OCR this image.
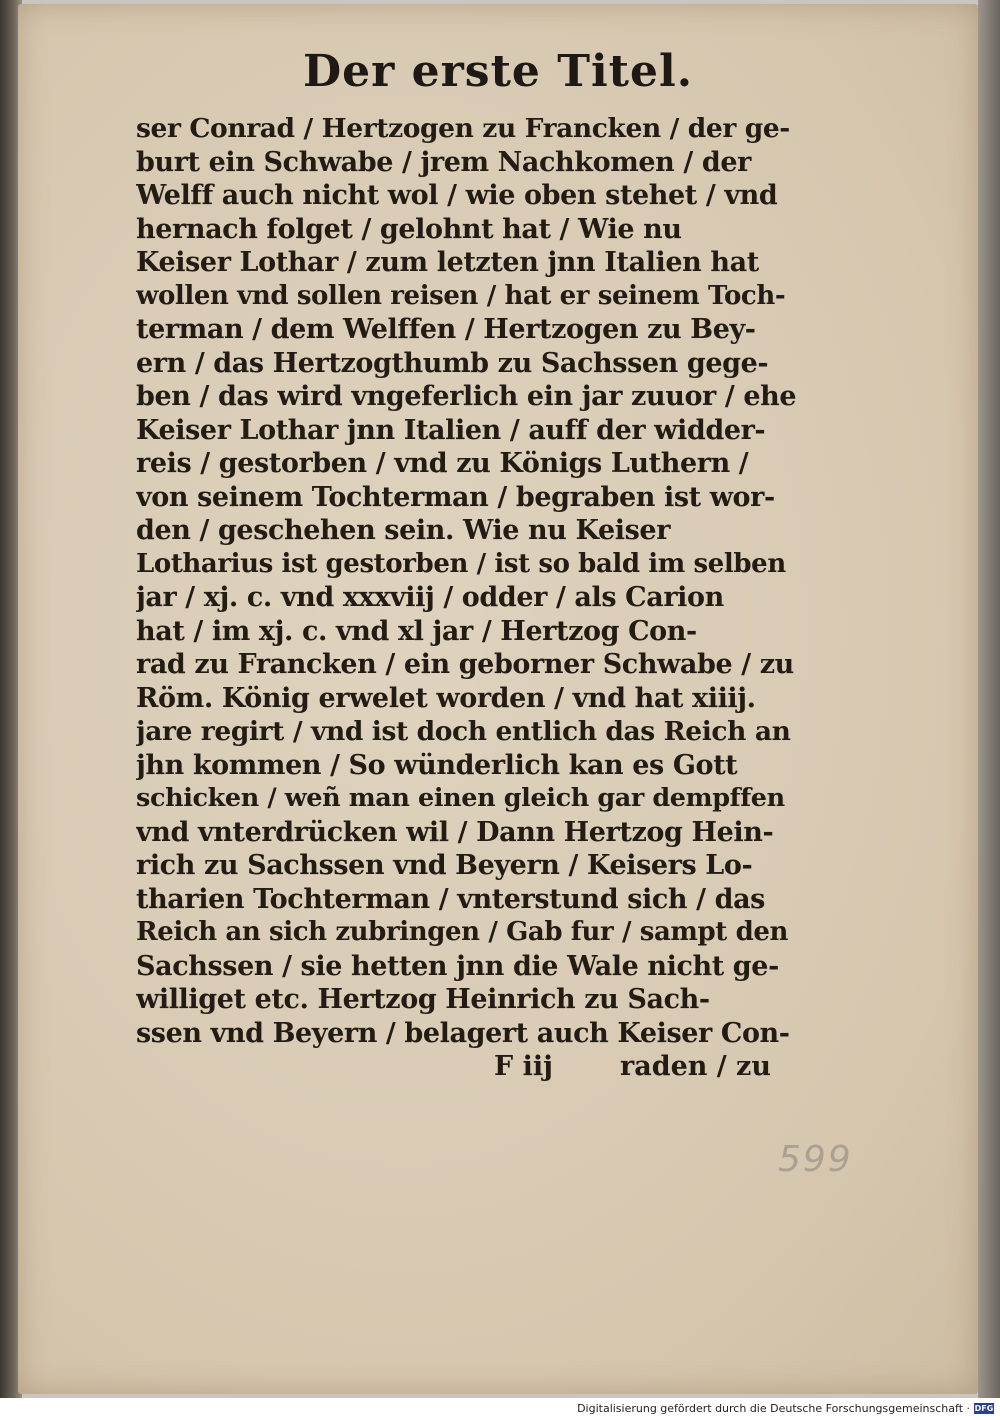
Der erste Titel.
ser Conrad / Hertzogen zu Francken / der ge-
burt ein Schwabe / jrem Nachkomen / der
Welff auch nicht wol / wie oben stehet / vnd
hernach folget / gelohnt hat / Wie nu
Keiser Lothar / zum letzten jnn Italien hat
wollen vnd sollen reisen / hat er seinem Toch-
terman / dem Welffen / Hertzogen zu Bey-
ern / das Hertzogthumb zu Sachssen gege-
ben / das wird vngeferlich ein jar zuuor / ehe
Keiser Lothar jnn Italien / auff der widder-
reis / gestorben / vnd zu Königs Luthern /
von seinem Tochterman / begraben ist wor-
den / geschehen sein. Wie nu Keiser
Lotharius ist gestorben / ist so bald im selben
jar / xj. c. vnd xxxviij / odder / als Carion
hat / im xj. c. vnd xl jar / Hertzog Con-
rad zu Francken / ein geborner Schwabe / zu
Röm. König erwelet worden / vnd hat xiiij.
jare regirt / vnd ist doch entlich das Reich an
jhn kommen / So wünderlich kan es Gott
schicken / weñ man einen gleich gar dempffen
vnd vnterdrücken wil / Dann Hertzog Hein-
rich zu Sachssen vnd Beyern / Keisers Lo-
tharien Tochterman / vnterstund sich / das
Reich an sich zubringen / Gab fur / sampt den
Sachssen / sie hetten jnn die Wale nicht ge-
williget etc. Hertzog Heinrich zu Sach-
ssen vnd Beyern / belagert auch Keiser Con-
F iij raden / zu
599
Digitalisierung gefördert durch die Deutsche Forschungsgemeinschaft · DFG
